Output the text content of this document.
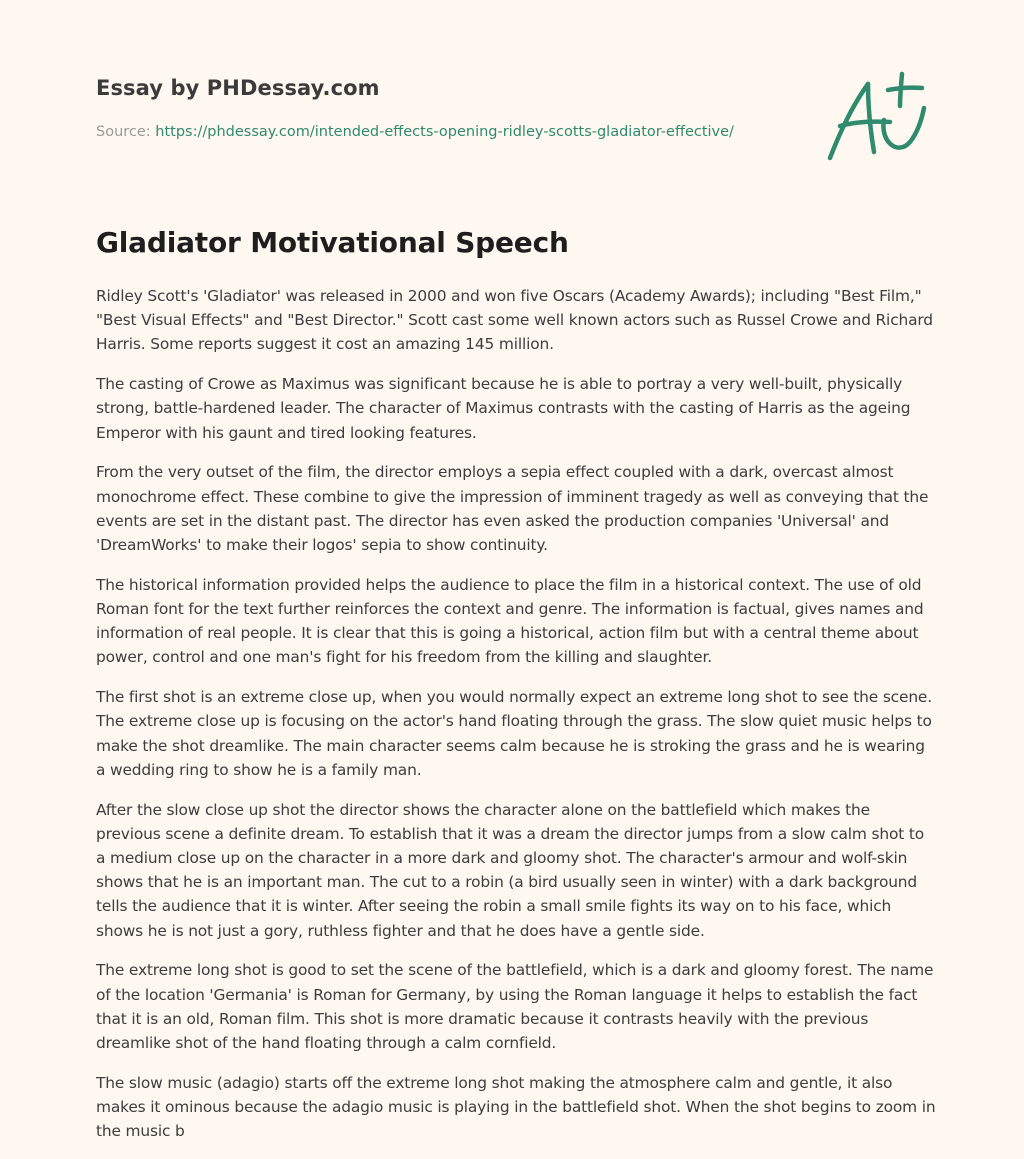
Essay by PHDessay.com
Source: https://phdessay.com/intended-effects-opening-ridley-scotts-gladiator-effective/
Gladiator Motivational Speech

Ridley Scott's 'Gladiator' was released in 2000 and won five Oscars (Academy Awards); including "Best Film," "Best Visual Effects" and "Best Director." Scott cast some well known actors such as Russel Crowe and Richard Harris. Some reports suggest it cost an amazing 145 million.

The casting of Crowe as Maximus was significant because he is able to portray a very well-built, physically strong, battle-hardened leader. The character of Maximus contrasts with the casting of Harris as the ageing Emperor with his gaunt and tired looking features.

From the very outset of the film, the director employs a sepia effect coupled with a dark, overcast almost monochrome effect. These combine to give the impression of imminent tragedy as well as conveying that the events are set in the distant past. The director has even asked the production companies 'Universal' and 'DreamWorks' to make their logos' sepia to show continuity.

The historical information provided helps the audience to place the film in a historical context. The use of old Roman font for the text further reinforces the context and genre. The information is factual, gives names and information of real people. It is clear that this is going a historical, action film but with a central theme about power, control and one man's fight for his freedom from the killing and slaughter.

The first shot is an extreme close up, when you would normally expect an extreme long shot to see the scene. The extreme close up is focusing on the actor's hand floating through the grass. The slow quiet music helps to make the shot dreamlike. The main character seems calm because he is stroking the grass and he is wearing a wedding ring to show he is a family man.

After the slow close up shot the director shows the character alone on the battlefield which makes the previous scene a definite dream. To establish that it was a dream the director jumps from a slow calm shot to a medium close up on the character in a more dark and gloomy shot. The character's armour and wolf-skin shows that he is an important man. The cut to a robin (a bird usually seen in winter) with a dark background tells the audience that it is winter. After seeing the robin a small smile fights its way on to his face, which shows he is not just a gory, ruthless fighter and that he does have a gentle side.

The extreme long shot is good to set the scene of the battlefield, which is a dark and gloomy forest. The name of the location 'Germania' is Roman for Germany, by using the Roman language it helps to establish the fact that it is an old, Roman film. This shot is more dramatic because it contrasts heavily with the previous dreamlike shot of the hand floating through a calm cornfield.

The slow music (adagio) starts off the extreme long shot making the atmosphere calm and gentle, it also makes it ominous because the adagio music is playing in the battlefield shot. When the shot begins to zoom in the music b
